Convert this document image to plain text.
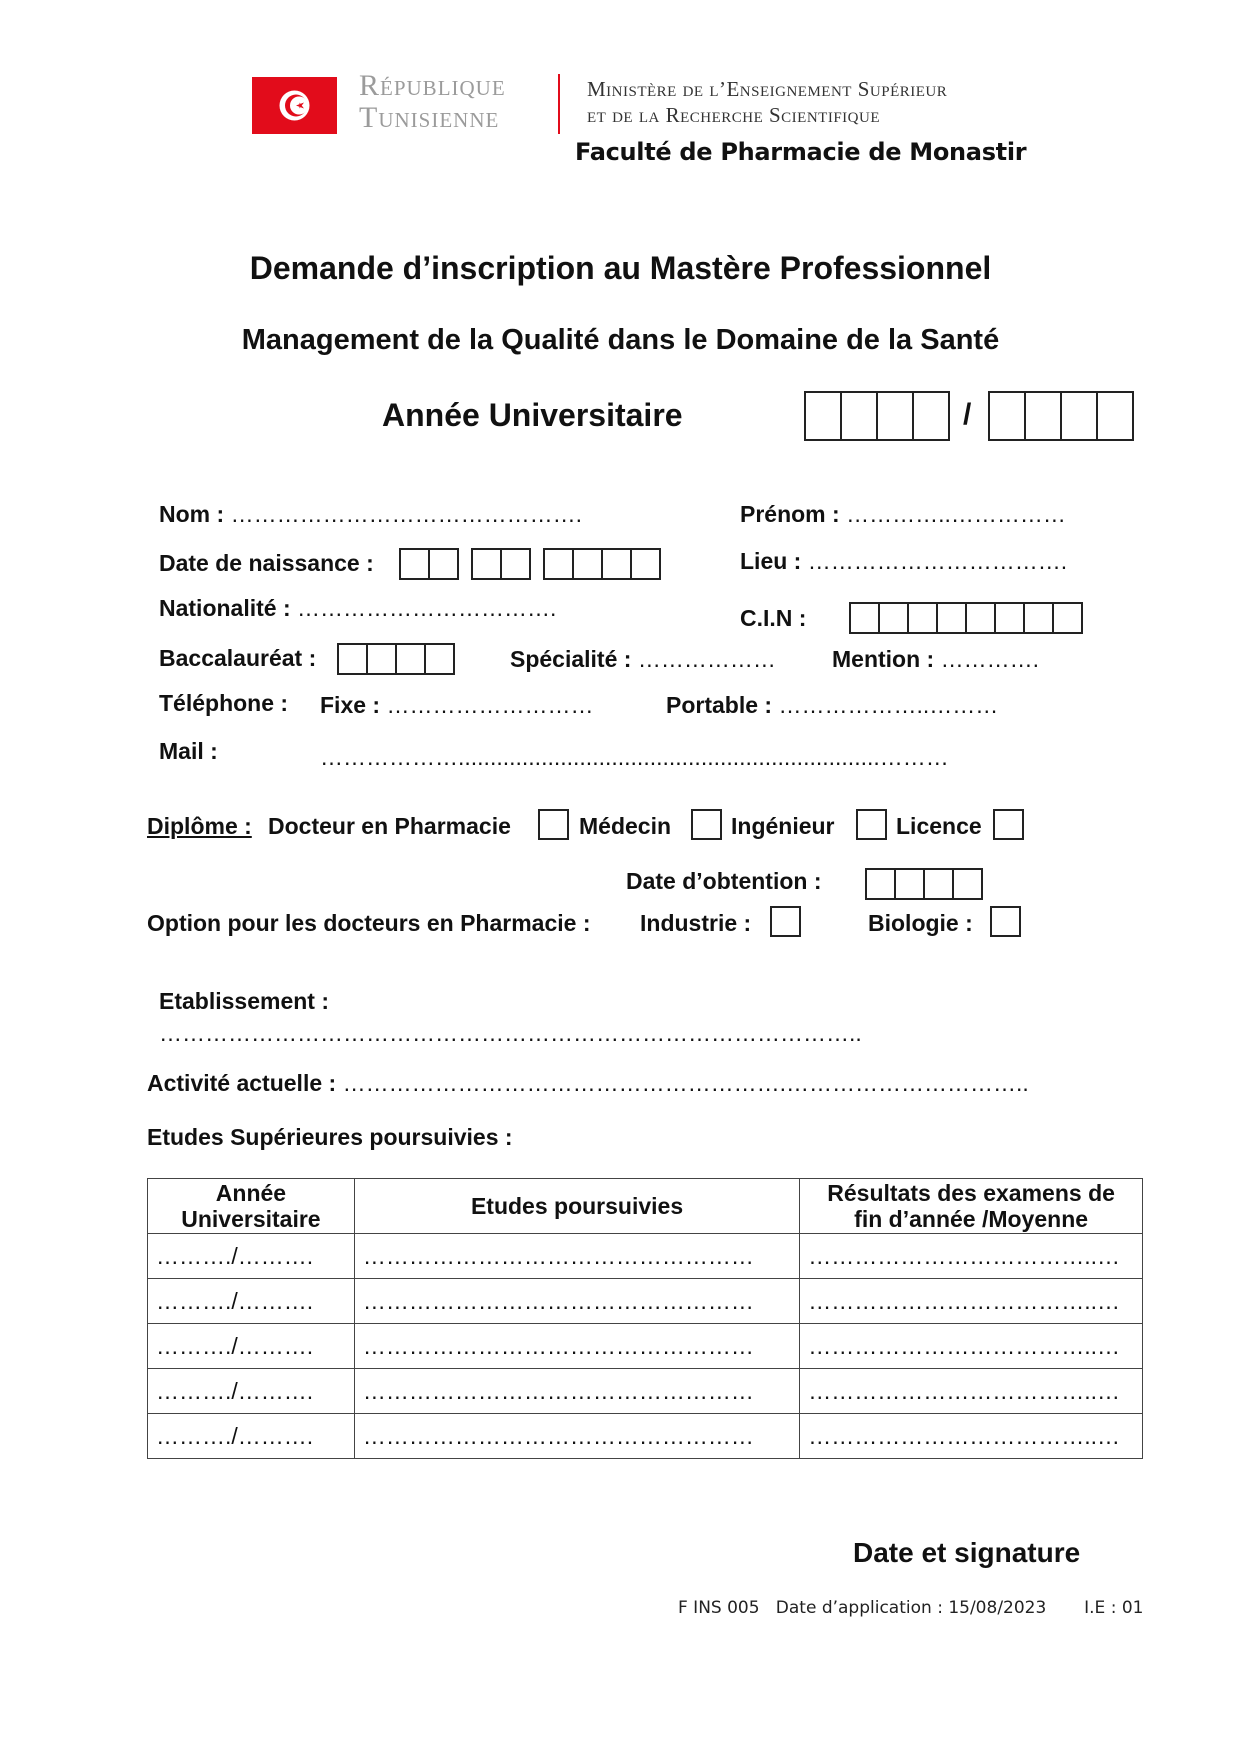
République
Tunisienne
Ministère de l’Enseignement Supérieur
et de la Recherche Scientifique
Faculté de Pharmacie de Monastir
Demande d’inscription au Mastère Professionnel
Management de la Qualité dans le Domaine de la Santé
Année Universitaire	/
Nom : ……………………………………….	Prénom : …………..……………
Date de naissance :	Lieu : …………………………….
Nationalité : …………………………….	C.I.N :
Baccalauréat :	Spécialité : ……………… Mention : ………….
Téléphone : Fixe : ………………………	Portable : ………………..………
Mail :	………………..................................................................………
Diplôme : Docteur en Pharmacie	Médecin	Ingénieur	Licence
Date d’obtention :
Option pour les docteurs en Pharmacie : Industrie :	Biologie :
Etablissement :
………………………………………………………………………………..
Activité actuelle : ………………………………………………….…………………………..
Etudes Supérieures poursuivies :
Année Universitaire	Etudes poursuivies	Résultats des examens de fin d’année /Moyenne
………./……….	……………………………………………	………………………………..…
………./……….	……………………………………………	………………………………..…
………./……….	……………………………………………	………………………………..…
………./……….	……………………………………………	………………………………..…
………./……….	……………………………………………	………………………………..…
Date et signature
F INS 005 Date d’application : 15/08/2023 I.E : 01
